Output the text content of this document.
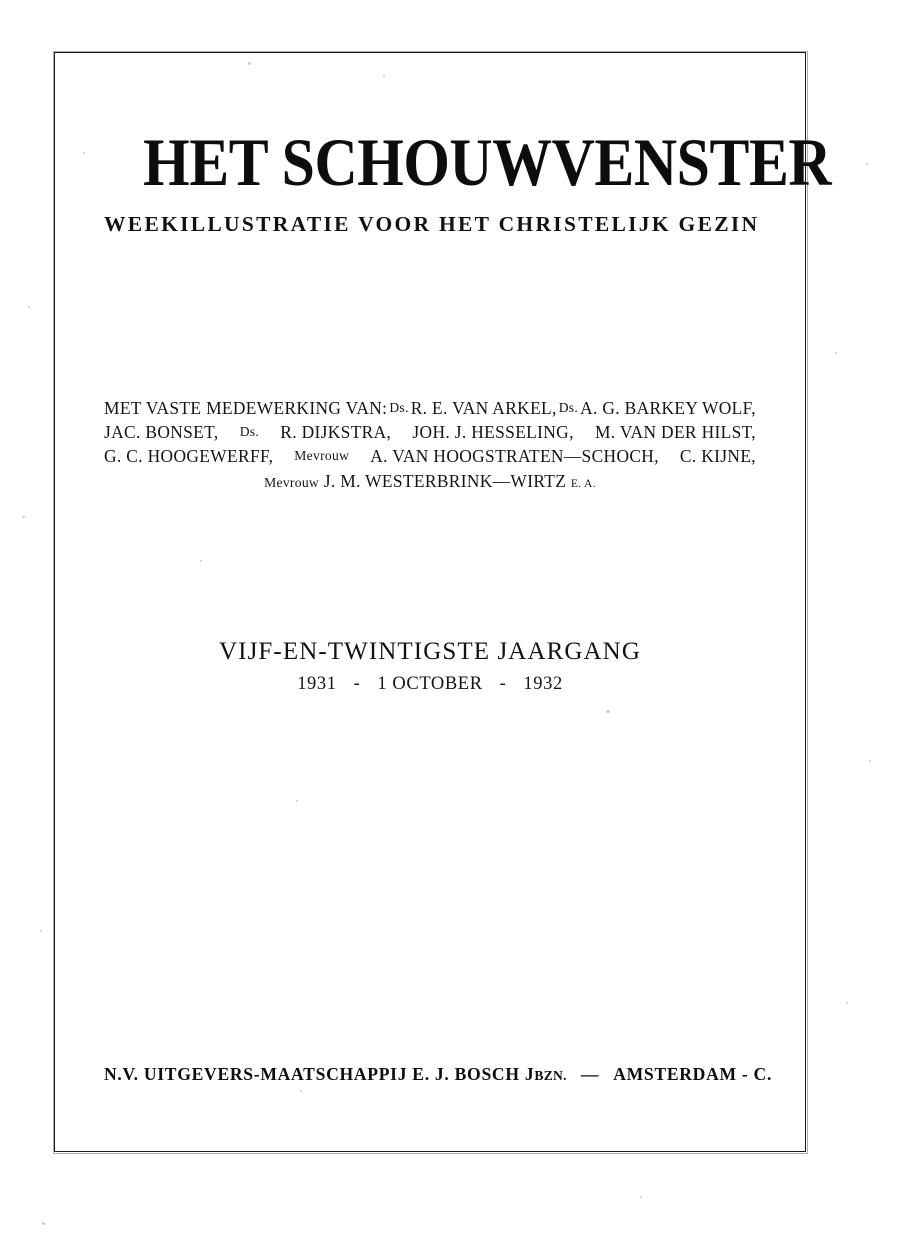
HET SCHOUWVENSTER
WEEKILLUSTRATIE VOOR HET CHRISTELIJK GEZIN
MET VASTE MEDEWERKING VAN: Ds. R. E. VAN ARKEL, Ds. A. G. BARKEY WOLF,
JAC. BONSET, Ds. R. DIJKSTRA, JOH. J. HESSELING, M. VAN DER HILST,
G. C. HOOGEWERFF, Mevrouw A. VAN HOOGSTRATEN—SCHOCH, C. KIJNE,
Mevrouw J. M. WESTERBRINK—WIRTZ E. A.
VIJF-EN-TWINTIGSTE JAARGANG
1931 - 1 OCTOBER - 1932
N.V. UITGEVERS-MAATSCHAPPIJ E. J. BOSCH JBZN. — AMSTERDAM - C.
